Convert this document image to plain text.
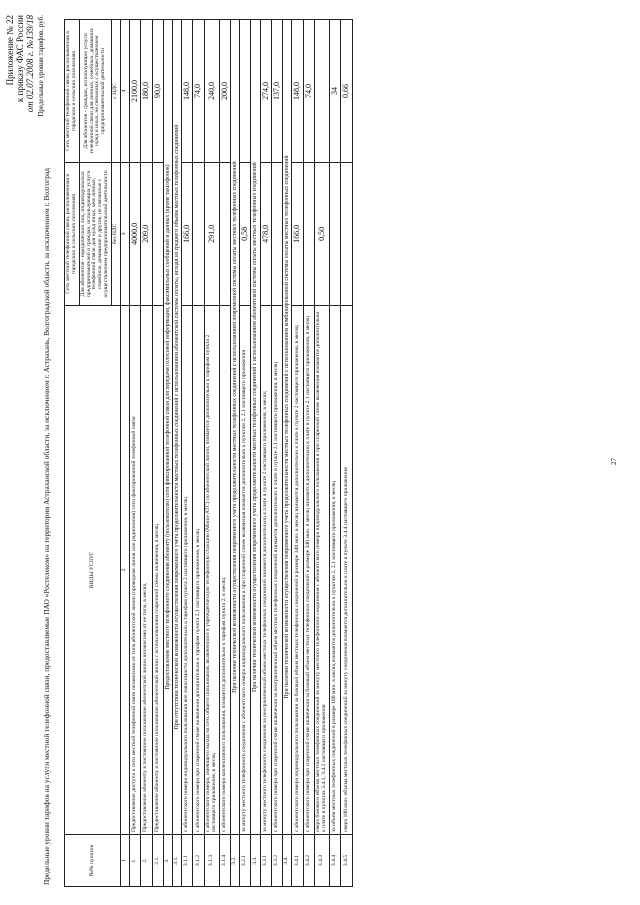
Приложение № 22 к приказу ФАС России от 02.07.2008 г. №139/18 Предельные уровни тарифов, руб.
Предельные уровни тарифов на услуги местной телефонной связи, предоставляемые ПАО «Ростелеком» на территории Астраханской области, за исключением г. Астрахань, Волгоградской области, за исключением г. Волгоград	№№ пунктов	ВИДЫ УСЛУГ	Сеть местной телефонной связи, расположенная в городских и сельских поселениях	Сеть местной телефонной связи, расположенная в городских и сельских поселениях
		Для абонентов - юридических лиц, индивидуальных предпринимателей и граждан, использующих услуги телефонной связи для нужд иных, чем личные, семейные, домашние и другие, не связанные с осуществлением предпринимательской деятельности	Для абонентов - граждан, использующих услуги телефонной связи для личных, семейных, домашних нужд и иных, не связанных с осуществлением предпринимательской деятельности
		без НДС	с НДС
1	2	3	4
1.	Предоставление доступа к сети местной телефонной связи независимо от типа абонентской линии (проводная линия или радиолиния) сети фиксированной телефонной связи	4000,0	2100,0
2.	Предоставление абоненту в постоянное пользование абонентской линии независимо от ее типа, в месяц	209,0	180,0
2.1.	Предоставление абоненту в постоянное пользование абонентской линии с использованием спаренной схемы включения, в месяц		90,0
3.	Предоставление местного телефонного соединения абоненту (пользователю) сети фиксированной телефонной связи для передачи голосовой информации, факсимильных сообщений и данных (кроме таксофонов)		
3.1.	При отсутствии технической возможности осуществления повременного учета продолжительности местных телефонных соединений с использованием абонентской системы оплаты, исходя из среднего объема местных телефонных соединений		
3.1.1	с абонентского номера индивидуального пользования вне зависимости дополнительно к тарифам пункта 2 настоящего приложения, в месяц	166,0	148,0
3.1.2	с абонентского номера при спаренной схеме включения дополнительно к тарифам пункта 2.1 настоящего приложения, в месяц		74,0
3.1.3	с абонентского номера, имеющего выход на сеть общего пользования, включенного в учрежденческую телефонную станцию (Мини-АТС) по абонентской линии, взимается дополнительно к тарифам пункта 2 настоящего приложения, в месяц	291,0	240,0
3.1.4	с абонентского номера коллективного пользования, взимается дополнительно к тарифам пункта 2, в месяц		200,0
3.2.	При наличии технической возможности осуществления повременного учета продолжительности местных телефонных соединений с использованием повременной системы оплаты местных телефонных соединений		
3.2.1	за минуту местного телефонного соединения с абонентского номера индивидуального пользования и при спаренной схеме включения взимается дополнительно к пунктам 2, 2.1 настоящего приложения	0,58	
3.3.	При наличии технической возможности осуществления повременного учета продолжительности местных телефонных соединений с использованием абонентской системы оплаты местных телефонных соединений		
3.3.1	за минуту местного телефонного соединения за неограниченный объем местных телефонных соединений взимается дополнительно к плате в пункте 2 настоящего приложения, в месяц	478,0	274,0
3.3.2	с абонентского номера при спаренной схеме включения за неограниченный объем местных телефонных соединений взимается дополнительно к плате в пункте 2.1 настоящего приложения, в месяц		137,0
3.4.	При наличии технической возможности осуществления повременного учета продолжительности местных телефонных соединений с использованием комбинированной системы оплаты местных телефонных соединений		
3.4.1	с абонентского номера индивидуального пользования за базовый объем местных телефонных соединений в размере 340 мин. в месяц взимается дополнительно к плате в пункте 2 настоящего приложения, в месяц	166,0	148,0
3.4.2	с абонентского номера при спаренной схеме включения за базовый объем местных телефонных соединений в размере 340 мин. в месяц взимается дополнительно к плате в пункте 2.1 настоящего приложения, в месяц		74,0
3.4.3	сверх базового объема местных телефонных соединений за минуту местного телефонного соединения с абонентского номера индивидуального пользования и при спаренной схеме включения взимается дополнительно к плате в пунктах 3.4.1, 3.4.2 настоящего приложения	0,50	
3.4.4	за объем местных телефонных соединений в размере 100 мин. в месяц взимается дополнительно к пунктам 2, 2.1 настоящего приложения, в месяц		34
3.4.5	сверх 100 мин. объема местных телефонных соединений за минуту соединения взимается дополнительно к плате в пункте 3.4.4 настоящего приложения		0,66
27
